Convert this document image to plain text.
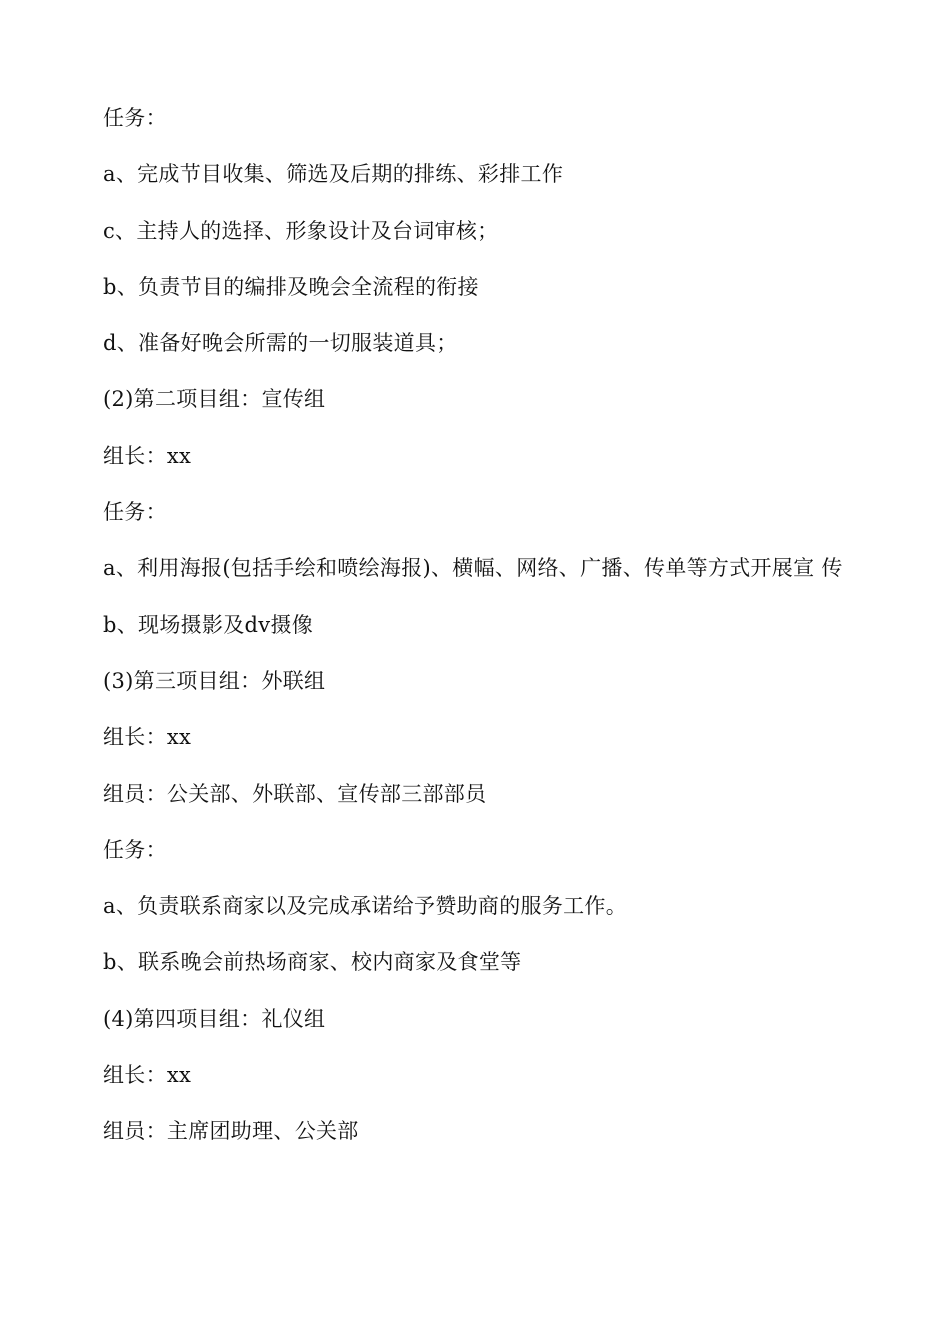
任务：
a、完成节目收集、筛选及后期的排练、彩排工作
c、主持人的选择、形象设计及台词审核；
b、负责节目的编排及晚会全流程的衔接
d、准备好晚会所需的一切服装道具；
(2)第二项目组：宣传组
组长：xx
任务：
a、利用海报(包括手绘和喷绘海报)、横幅、网络、广播、传单等方式开展宣 传
b、现场摄影及dv摄像
(3)第三项目组：外联组
组长：xx
组员：公关部、外联部、宣传部三部部员
任务：
a、负责联系商家以及完成承诺给予赞助商的服务工作。
b、联系晚会前热场商家、校内商家及食堂等
(4)第四项目组：礼仪组
组长：xx
组员：主席团助理、公关部
